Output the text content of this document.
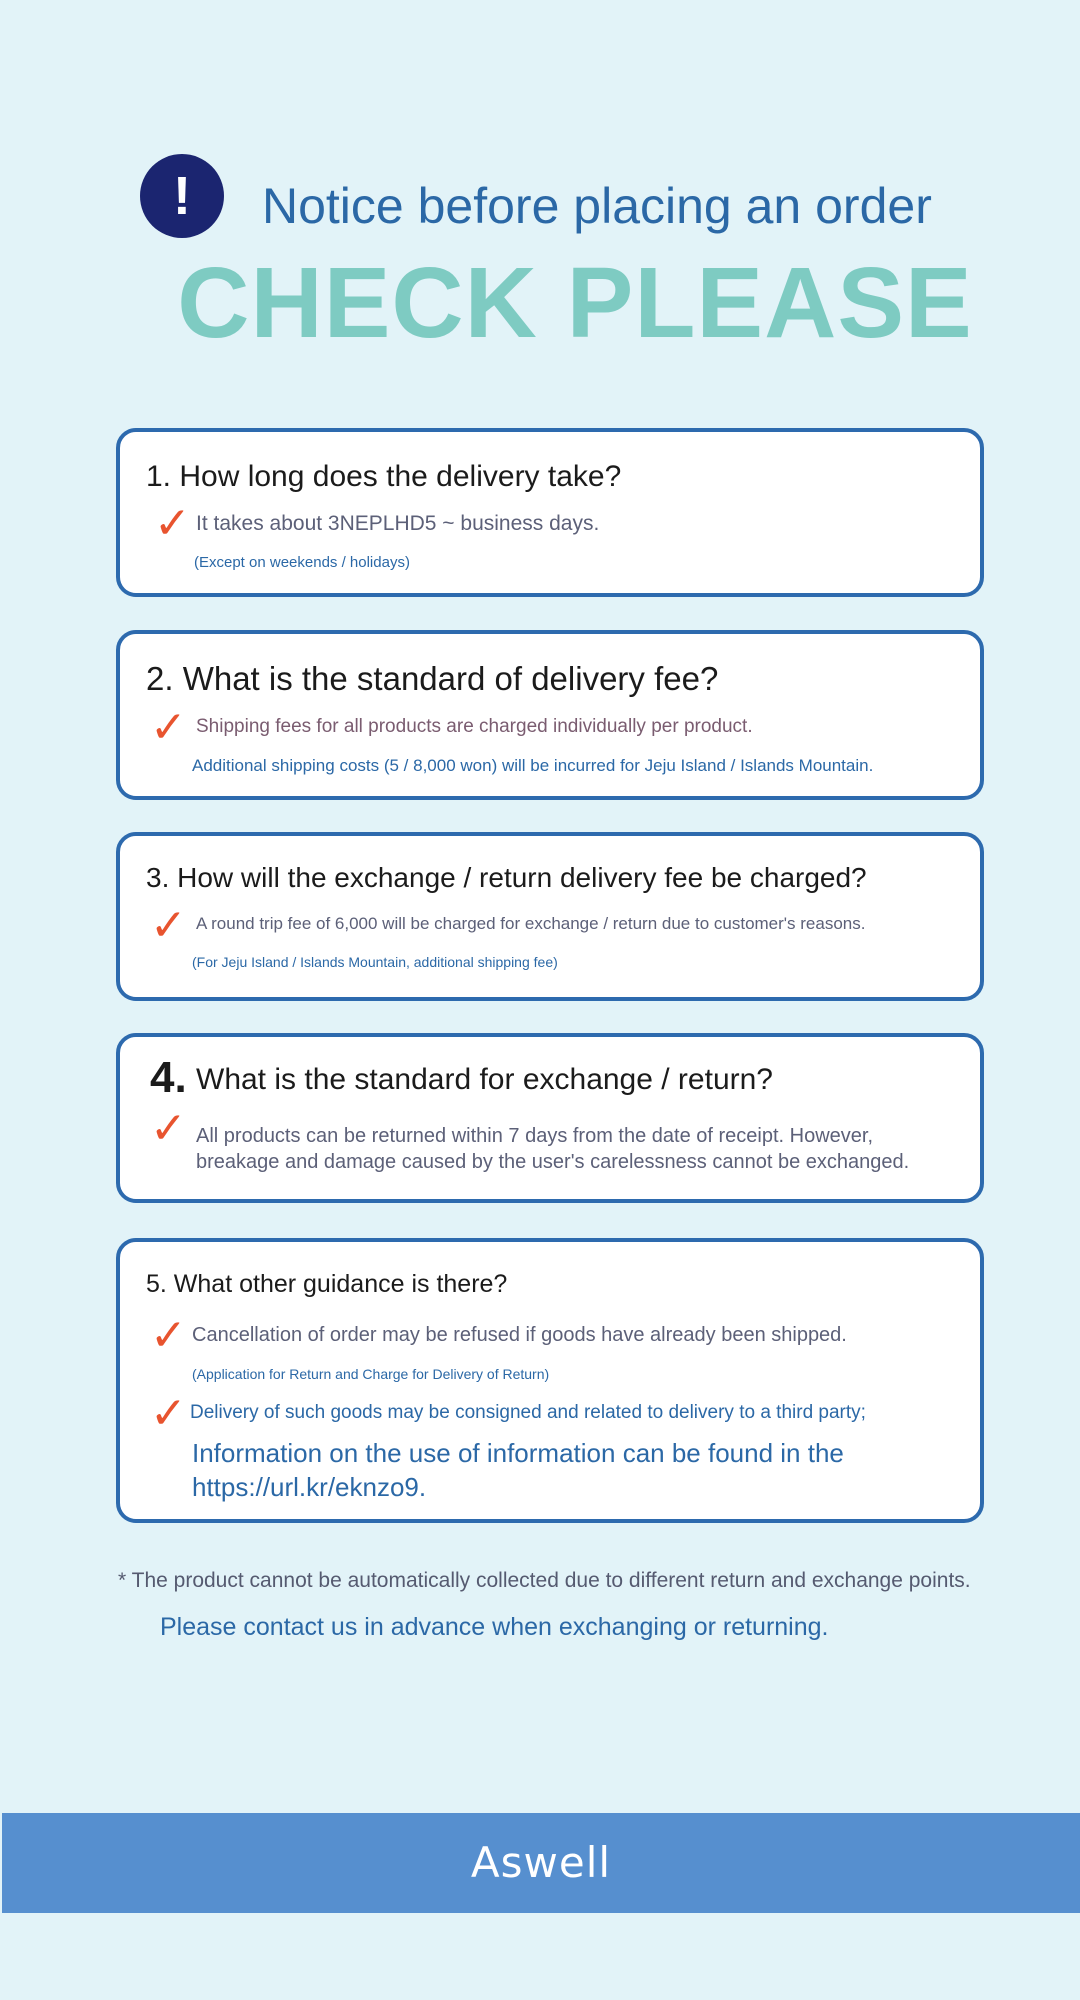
!	Notice before placing an order
CHECK PLEASE
1. How long does the delivery take?
✓ It takes about 3NEPLHD5 ~ business days.
(Except on weekends / holidays)
2. What is the standard of delivery fee?
✓ Shipping fees for all products are charged individually per product.
Additional shipping costs (5 / 8,000 won) will be incurred for Jeju Island / Islands Mountain.
3. How will the exchange / return delivery fee be charged?
✓ A round trip fee of 6,000 will be charged for exchange / return due to customer's reasons.
(For Jeju Island / Islands Mountain, additional shipping fee)
4. What is the standard for exchange / return?
✓ All products can be returned within 7 days from the date of receipt. However,
breakage and damage caused by the user's carelessness cannot be exchanged.
5. What other guidance is there?
✓ Cancellation of order may be refused if goods have already been shipped.
(Application for Return and Charge for Delivery of Return)
✓ Delivery of such goods may be consigned and related to delivery to a third party;
Information on the use of information can be found in the
https://url.kr/eknzo9.
* The product cannot be automatically collected due to different return and exchange points.
Please contact us in advance when exchanging or returning.
Aswell
